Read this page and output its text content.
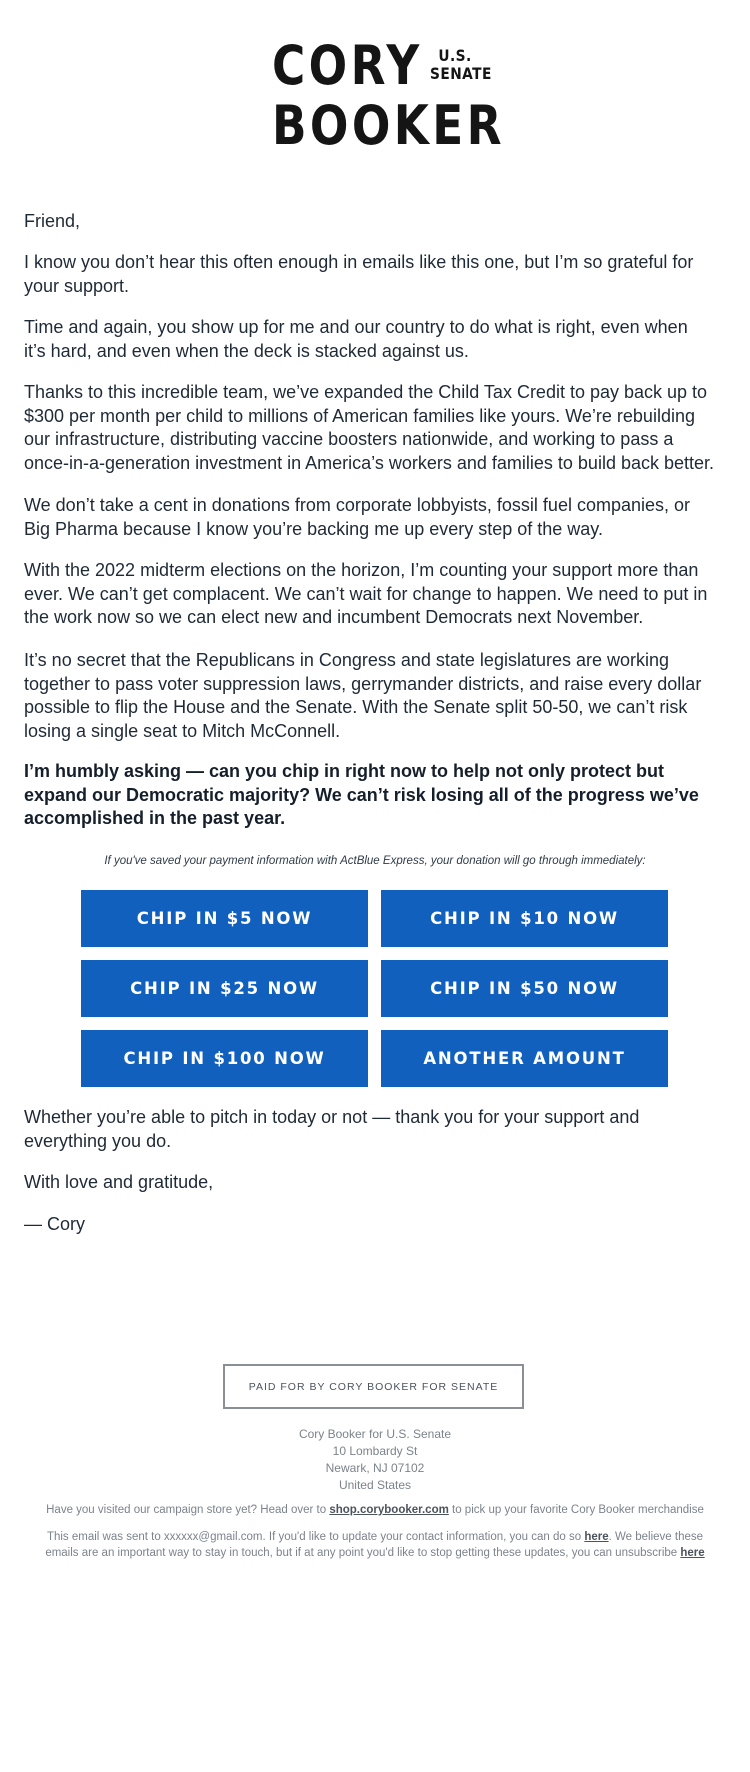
CORY U.S.
SENATE
BOOKER

Friend,

I know you don’t hear this often enough in emails like this one, but I’m so grateful for your support.

Time and again, you show up for me and our country to do what is right, even when it’s hard, and even when the deck is stacked against us.

Thanks to this incredible team, we’ve expanded the Child Tax Credit to pay back up to $300 per month per child to millions of American families like yours. We’re rebuilding our infrastructure, distributing vaccine boosters nationwide, and working to pass a once-in-a-generation investment in America’s workers and families to build back better.

We don’t take a cent in donations from corporate lobbyists, fossil fuel companies, or Big Pharma because I know you’re backing me up every step of the way.

With the 2022 midterm elections on the horizon, I’m counting your support more than ever. We can’t get complacent. We can’t wait for change to happen. We need to put in the work now so we can elect new and incumbent Democrats next November.

It’s no secret that the Republicans in Congress and state legislatures are working together to pass voter suppression laws, gerrymander districts, and raise every dollar possible to flip the House and the Senate. With the Senate split 50-50, we can’t risk losing a single seat to Mitch McConnell.

I’m humbly asking — can you chip in right now to help not only protect but expand our Democratic majority? We can’t risk losing all of the progress we’ve accomplished in the past year.

If you've saved your payment information with ActBlue Express, your donation will go through immediately:
CHIP IN $5 NOW	CHIP IN $10 NOW
CHIP IN $25 NOW	CHIP IN $50 NOW
CHIP IN $100 NOW	ANOTHER AMOUNT

Whether you’re able to pitch in today or not — thank you for your support and everything you do.

With love and gratitude,

— Cory

PAID FOR BY CORY BOOKER FOR SENATE
Cory Booker for U.S. Senate
10 Lombardy St
Newark, NJ 07102
United States
Have you visited our campaign store yet? Head over to shop.corybooker.com to pick up your favorite Cory Booker merchandise
This email was sent to xxxxxx@gmail.com. If you'd like to update your contact information, you can do so here. We believe these
emails are an important way to stay in touch, but if at any point you'd like to stop getting these updates, you can unsubscribe here
